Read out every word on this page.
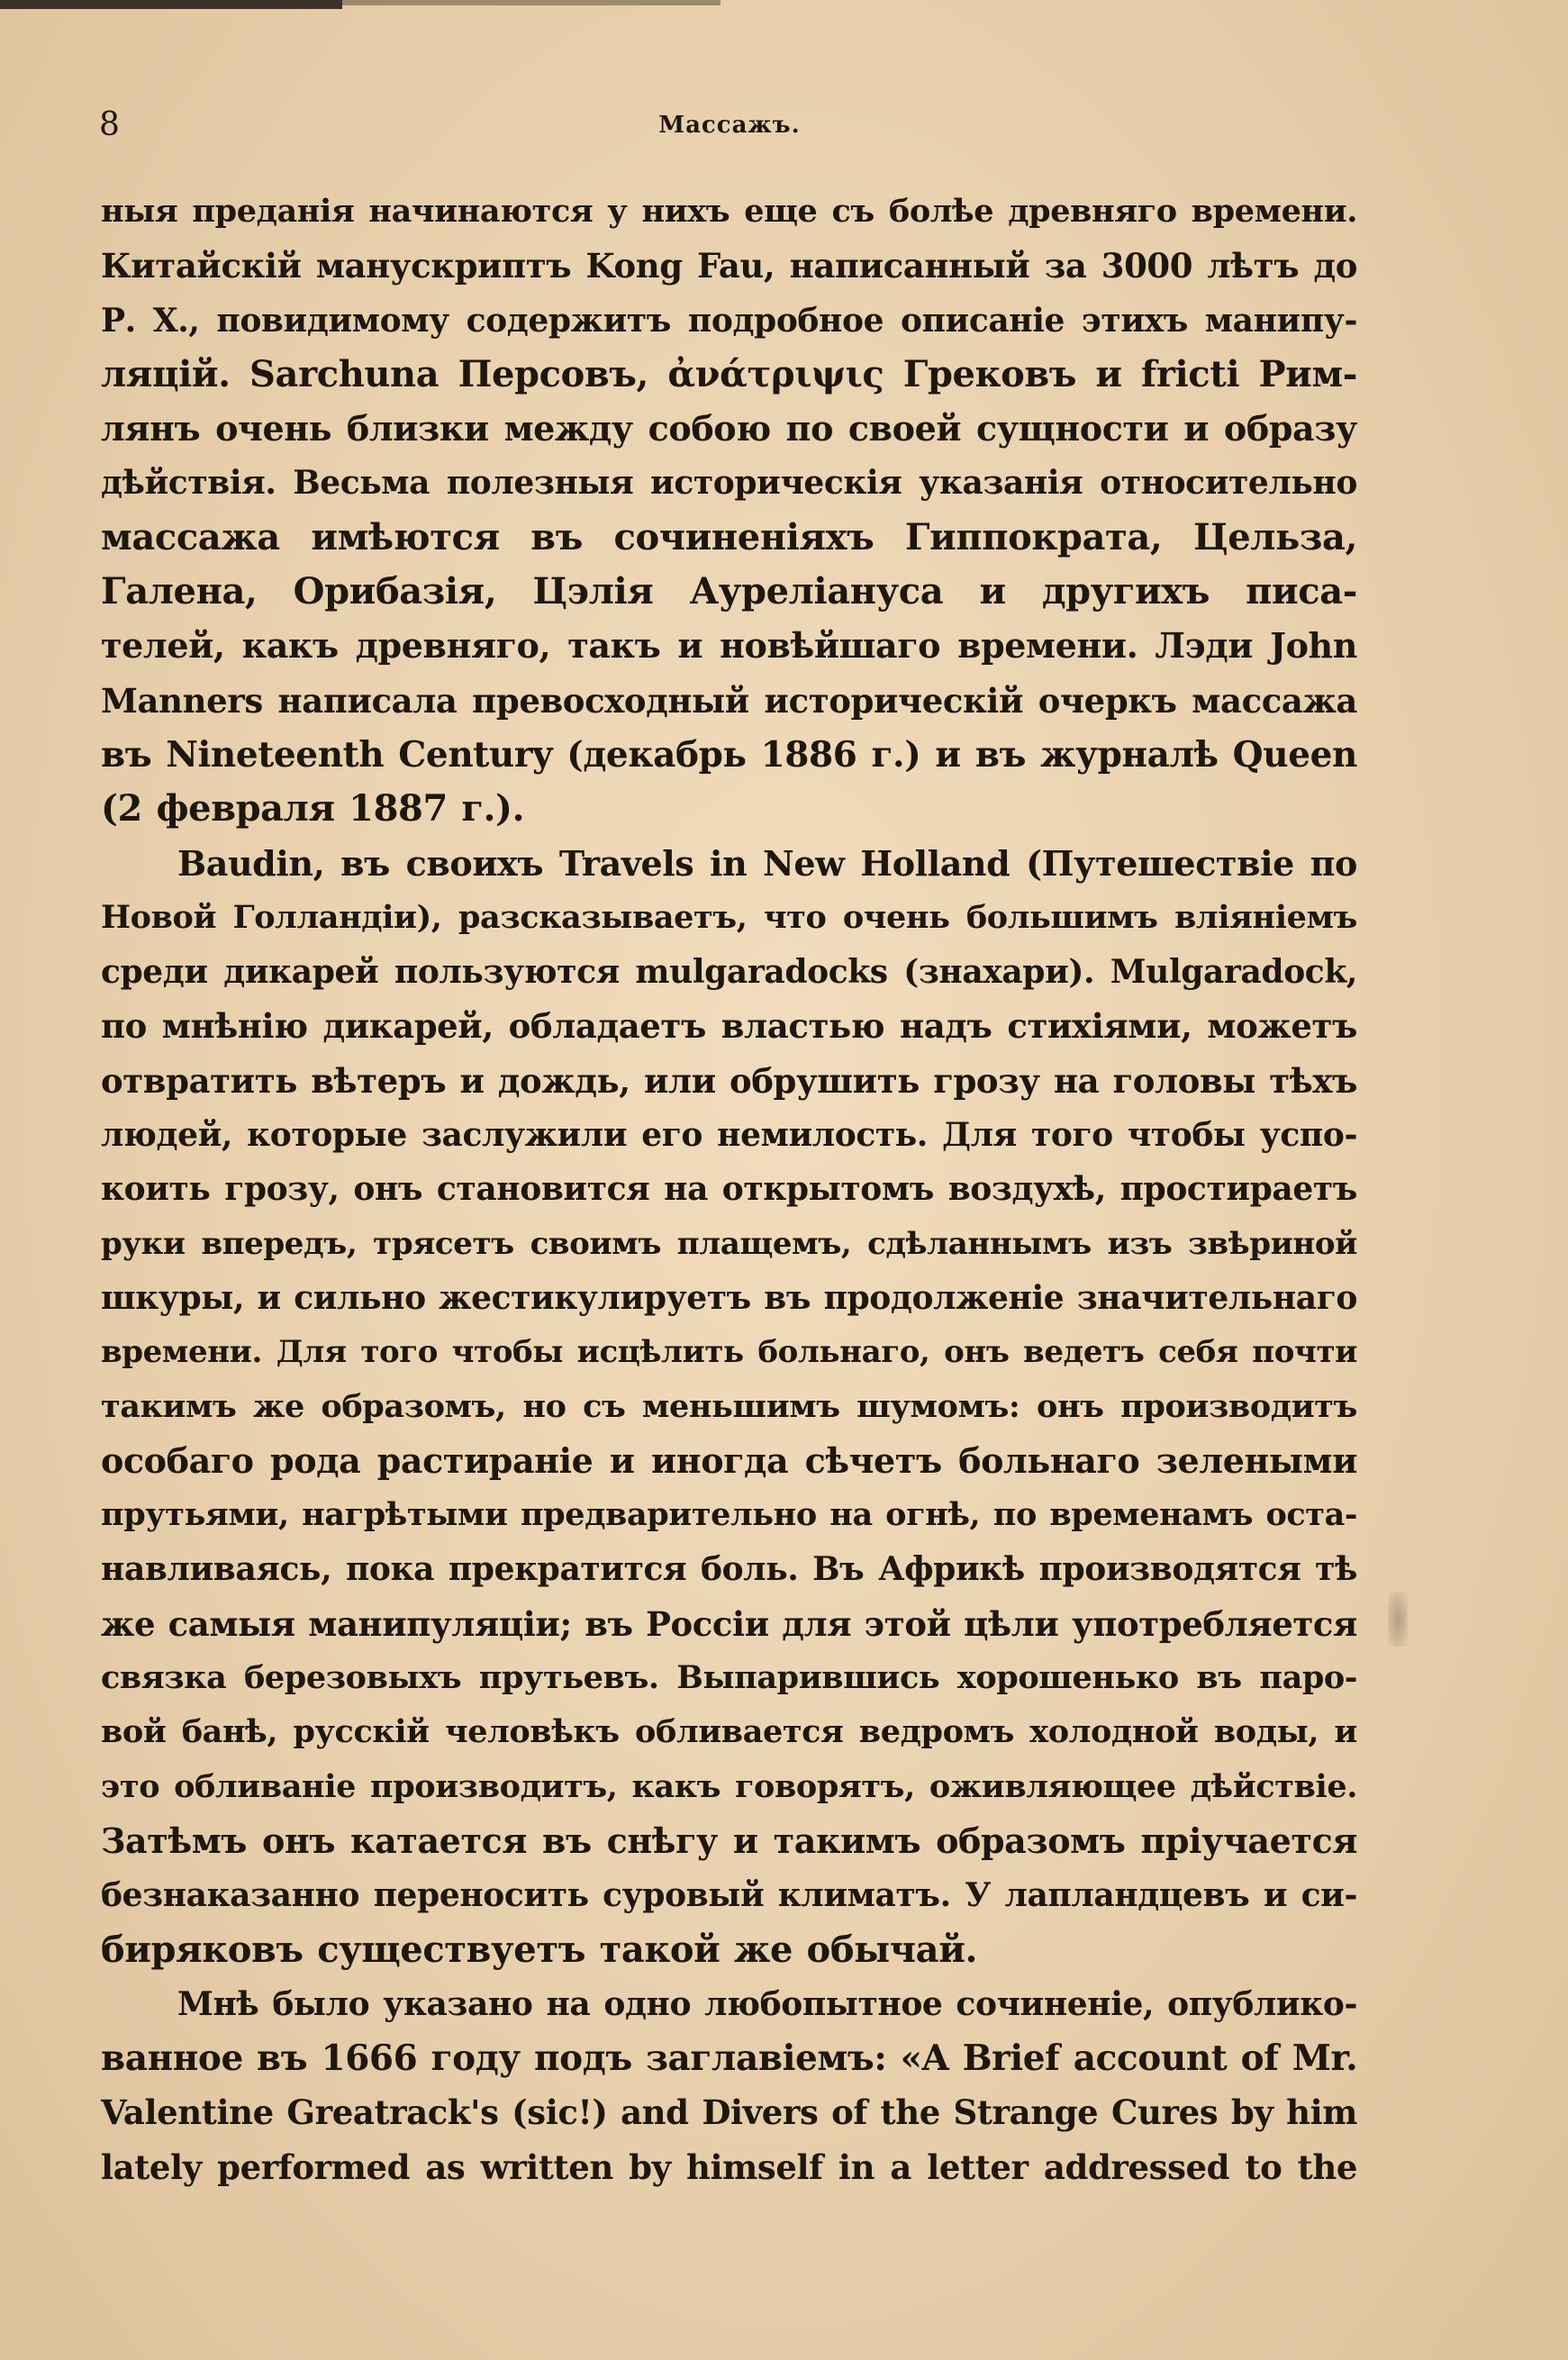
8	Массажъ.
ныя преданія начинаются у нихъ еще съ болѣе древняго времени.
Китайскій манускриптъ Kong Fau, написанный за 3000 лѣтъ до
Р. Х., повидимому содержитъ подробное описаніе этихъ манипу-
ляцій. Sarchuna Персовъ, ἀνάτριψις Грековъ и fricti Рим-
лянъ очень близки между собою по своей сущности и образу
дѣйствія. Весьма полезныя историческія указанія относительно
массажа имѣются въ сочиненіяхъ Гиппократа, Цельза,
Галена, Орибазія, Цэлія Ауреліануса и другихъ писа-
телей, какъ древняго, такъ и новѣйшаго времени. Лэди John
Manners написала превосходный историческій очеркъ массажа
въ Nineteenth Century (декабрь 1886 г.) и въ журналѣ Queen
(2 февраля 1887 г.).
Baudin, въ своихъ Travels in New Holland (Путешествіе по
Новой Голландіи), разсказываетъ, что очень большимъ вліяніемъ
среди дикарей пользуются mulgaradocks (знахари). Mulgaradock,
по мнѣнію дикарей, обладаетъ властью надъ стихіями, можетъ
отвратить вѣтеръ и дождь, или обрушить грозу на головы тѣхъ
людей, которые заслужили его немилость. Для того чтобы успо-
коить грозу, онъ становится на открытомъ воздухѣ, простираетъ
руки впередъ, трясетъ своимъ плащемъ, сдѣланнымъ изъ звѣриной
шкуры, и сильно жестикулируетъ въ продолженіе значительнаго
времени. Для того чтобы исцѣлить больнаго, онъ ведетъ себя почти
такимъ же образомъ, но съ меньшимъ шумомъ: онъ производитъ
особаго рода растираніе и иногда сѣчетъ больнаго зелеными
прутьями, нагрѣтыми предварительно на огнѣ, по временамъ оста-
навливаясь, пока прекратится боль. Въ Африкѣ производятся тѣ
же самыя манипуляціи; въ Россіи для этой цѣли употребляется
связка березовыхъ прутьевъ. Выпарившись хорошенько въ паро-
вой банѣ, русскій человѣкъ обливается ведромъ холодной воды, и
это обливаніе производитъ, какъ говорятъ, оживляющее дѣйствіе.
Затѣмъ онъ катается въ снѣгу и такимъ образомъ пріучается
безнаказанно переносить суровый климатъ. У лапландцевъ и си-
биряковъ существуетъ такой же обычай.
Мнѣ было указано на одно любопытное сочиненіе, опублико-
ванное въ 1666 году подъ заглавіемъ: «A Brief account of Mr.
Valentine Greatrack's (sic!) and Divers of the Strange Cures by him
lately performed as written by himself in a letter addressed to the
